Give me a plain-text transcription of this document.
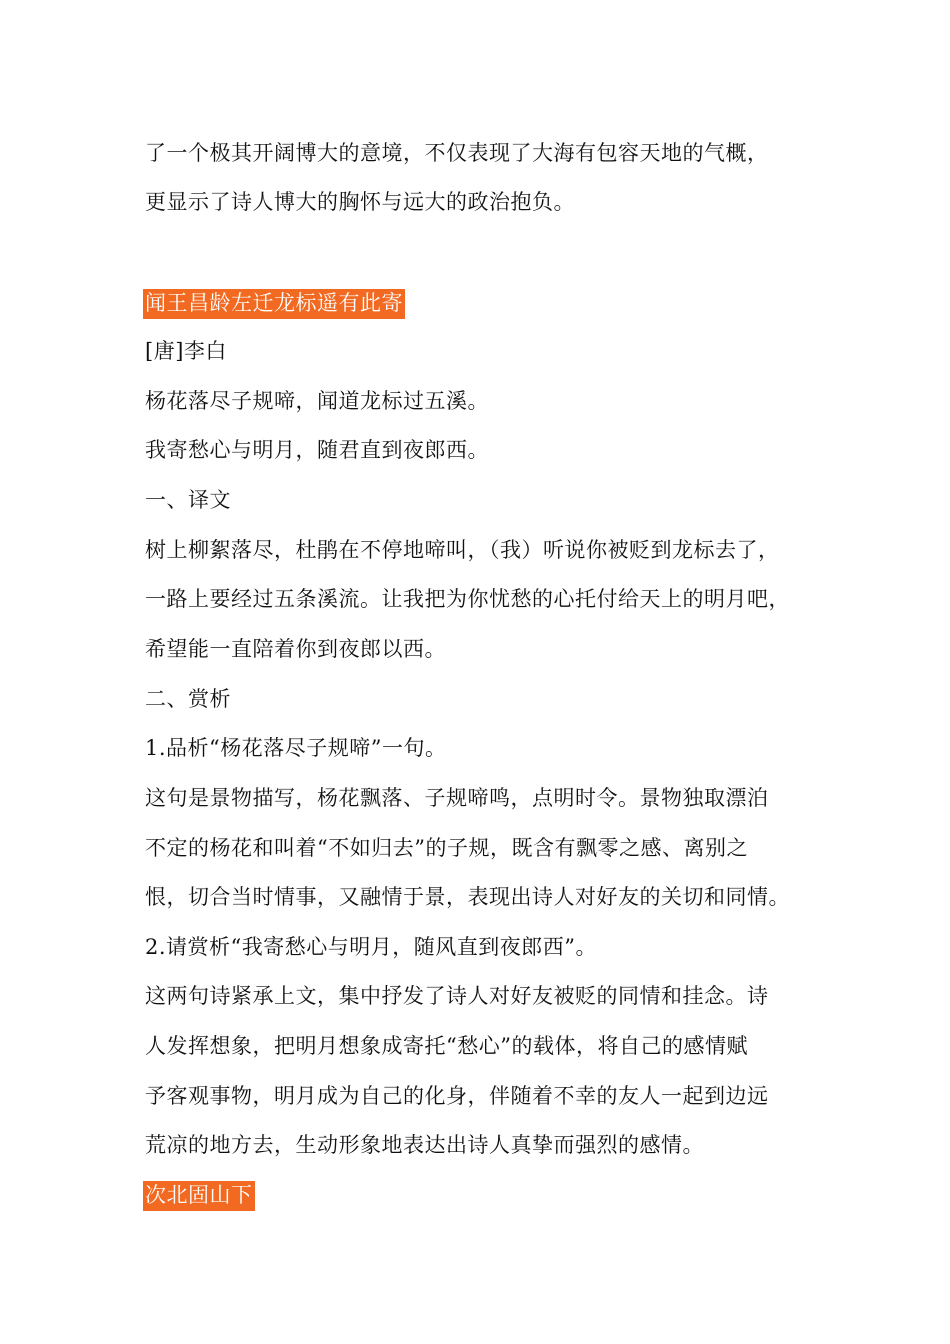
了一个极其开阔博大的意境，不仅表现了大海有包容天地的气概，
更显示了诗人博大的胸怀与远大的政治抱负。
闻王昌龄左迁龙标遥有此寄
[唐]李白
杨花落尽子规啼，闻道龙标过五溪。
我寄愁心与明月，随君直到夜郎西。
一、译文
树上柳絮落尽，杜鹃在不停地啼叫，（我）听说你被贬到龙标去了，
一路上要经过五条溪流。让我把为你忧愁的心托付给天上的明月吧，
希望能一直陪着你到夜郎以西。
二、赏析
1.品析“杨花落尽子规啼”一句。
这句是景物描写，杨花飘落、子规啼鸣，点明时令。景物独取漂泊
不定的杨花和叫着“不如归去”的子规，既含有飘零之感、离别之
恨，切合当时情事，又融情于景，表现出诗人对好友的关切和同情。
2.请赏析“我寄愁心与明月，随风直到夜郎西”。
这两句诗紧承上文，集中抒发了诗人对好友被贬的同情和挂念。诗
人发挥想象，把明月想象成寄托“愁心”的载体，将自己的感情赋
予客观事物，明月成为自己的化身，伴随着不幸的友人一起到边远
荒凉的地方去，生动形象地表达出诗人真挚而强烈的感情。
次北固山下
